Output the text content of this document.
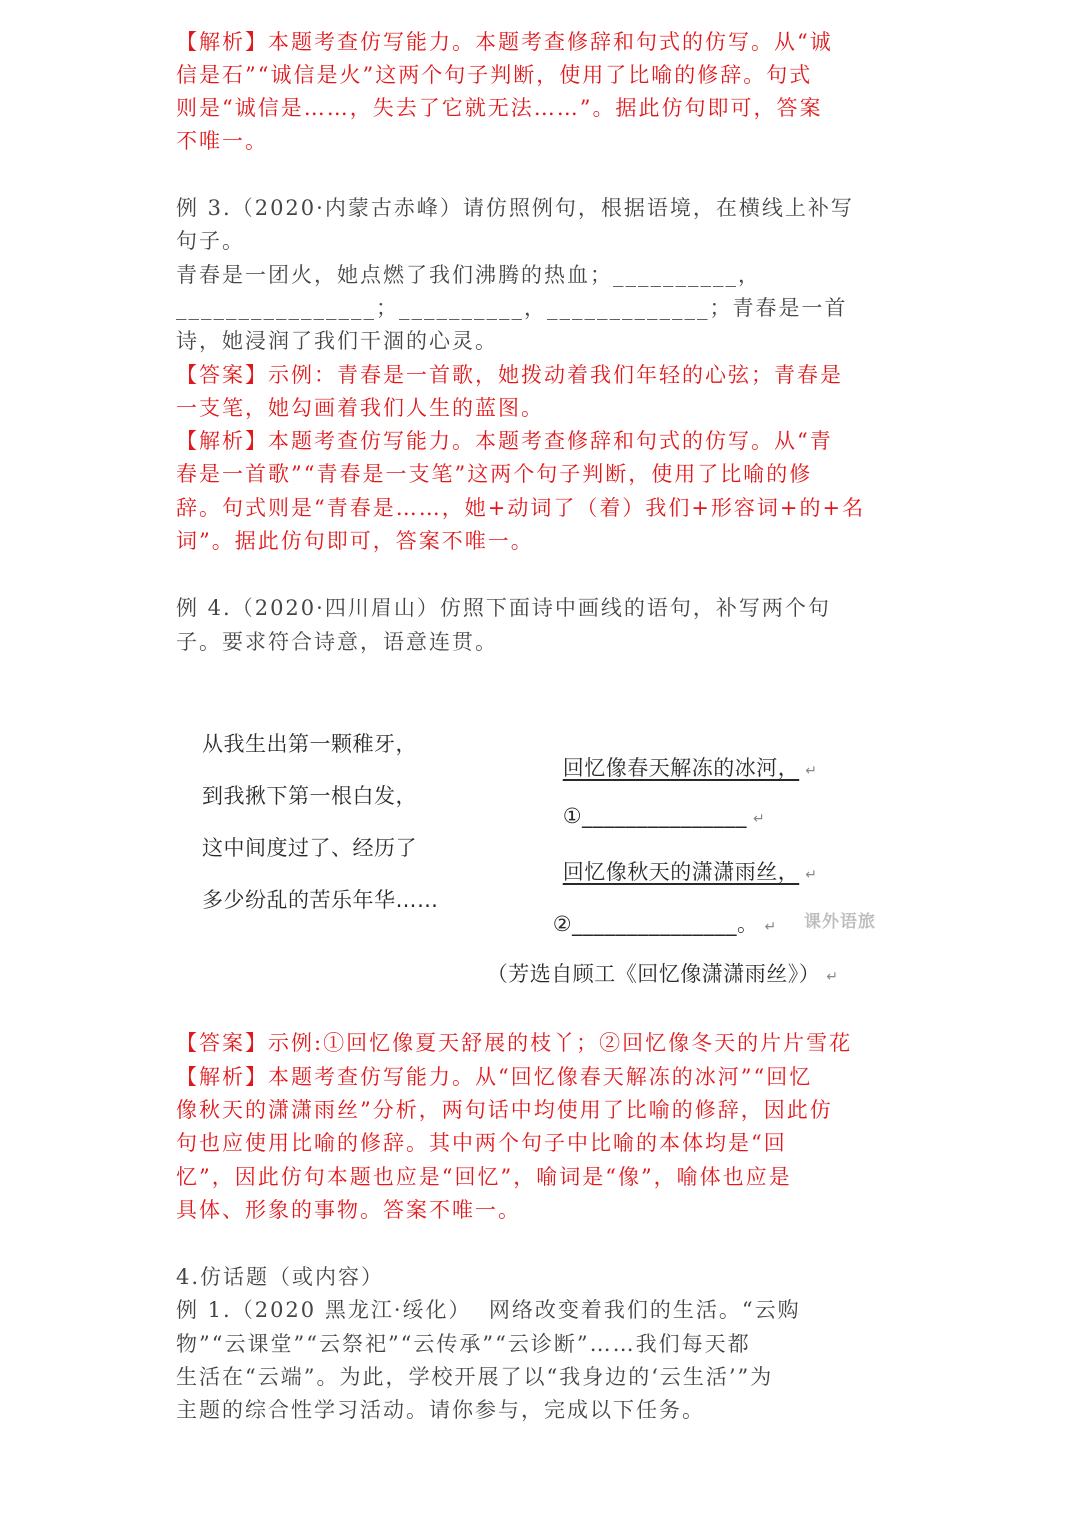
【解析】本题考查仿写能力。本题考查修辞和句式的仿写。从“诚
信是石”“诚信是火”这两个句子判断，使用了比喻的修辞。句式
则是“诚信是……，失去了它就无法……”。据此仿句即可，答案
不唯一。
例 3.（2020·内蒙古赤峰）请仿照例句，根据语境，在横线上补写
句子。
青春是一团火，她点燃了我们沸腾的热血；__________，
________________；__________，_____________；青春是一首
诗，她浸润了我们干涸的心灵。
【答案】示例：青春是一首歌，她拨动着我们年轻的心弦；青春是
一支笔，她勾画着我们人生的蓝图。
【解析】本题考查仿写能力。本题考查修辞和句式的仿写。从“青
春是一首歌”“青春是一支笔”这两个句子判断，使用了比喻的修
辞。句式则是“青春是……，她+动词了（着）我们+形容词+的+名
词”。据此仿句即可，答案不唯一。
例 4.（2020·四川眉山）仿照下面诗中画线的语句，补写两个句
子。要求符合诗意，语意连贯。
从我生出第一颗稚牙，
到我揪下第一根白发，
这中间度过了、经历了
多少纷乱的苦乐年华……

回忆像春天解冻的冰河， ↵

①_______________ ↵

回忆像秋天的潇潇雨丝， ↵

②_______________。 ↵

（芳选自顾工《回忆像潇潇雨丝》） ↵

课外语旅
【答案】示例:①回忆像夏天舒展的枝丫；②回忆像冬天的片片雪花
【解析】本题考查仿写能力。从“回忆像春天解冻的冰河”“回忆
像秋天的潇潇雨丝”分析，两句话中均使用了比喻的修辞，因此仿
句也应使用比喻的修辞。其中两个句子中比喻的本体均是“回
忆”，因此仿句本题也应是“回忆”，喻词是“像”，喻体也应是
具体、形象的事物。答案不唯一。
4.仿话题（或内容）
例 1.（2020 黑龙江·绥化）  网络改变着我们的生活。“云购
物”“云课堂”“云祭祀”“云传承”“云诊断”……我们每天都
生活在“云端”。为此，学校开展了以“我身边的‘云生活’”为
主题的综合性学习活动。请你参与，完成以下任务。
